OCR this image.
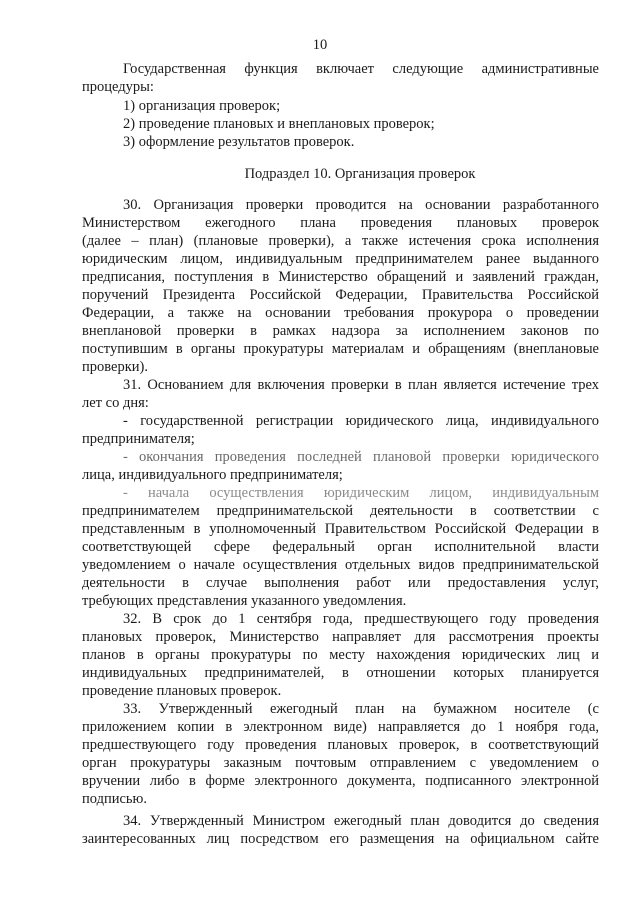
10
Государственная функция включает следующие административные
процедуры:
1) организация проверок;
2) проведение плановых и внеплановых проверок;
3) оформление результатов проверок.
Подраздел 10. Организация проверок
30. Организация проверки проводится на основании разработанного
Министерством ежегодного плана проведения плановых проверок
(далее – план) (плановые проверки), а также истечения срока исполнения
юридическим лицом, индивидуальным предпринимателем ранее выданного
предписания, поступления в Министерство обращений и заявлений граждан,
поручений Президента Российской Федерации, Правительства Российской
Федерации, а также на основании требования прокурора о проведении
внеплановой проверки в рамках надзора за исполнением законов по
поступившим в органы прокуратуры материалам и обращениям (внеплановые
проверки).
31. Основанием для включения проверки в план является истечение трех
лет со дня:
- государственной регистрации юридического лица, индивидуального
предпринимателя;
- окончания проведения последней плановой проверки юридического
лица, индивидуального предпринимателя;
- начала осуществления юридическим лицом, индивидуальным
предпринимателем предпринимательской деятельности в соответствии с
представленным в уполномоченный Правительством Российской Федерации в
соответствующей сфере федеральный орган исполнительной власти
уведомлением о начале осуществления отдельных видов предпринимательской
деятельности в случае выполнения работ или предоставления услуг,
требующих представления указанного уведомления.
32. В срок до 1 сентября года, предшествующего году проведения
плановых проверок, Министерство направляет для рассмотрения проекты
планов в органы прокуратуры по месту нахождения юридических лиц и
индивидуальных предпринимателей, в отношении которых планируется
проведение плановых проверок.
33. Утвержденный ежегодный план на бумажном носителе (с
приложением копии в электронном виде) направляется до 1 ноября года,
предшествующего году проведения плановых проверок, в соответствующий
орган прокуратуры заказным почтовым отправлением с уведомлением о
вручении либо в форме электронного документа, подписанного электронной
подписью.
34. Утвержденный Министром ежегодный план доводится до сведения
заинтересованных лиц посредством его размещения на официальном сайте
